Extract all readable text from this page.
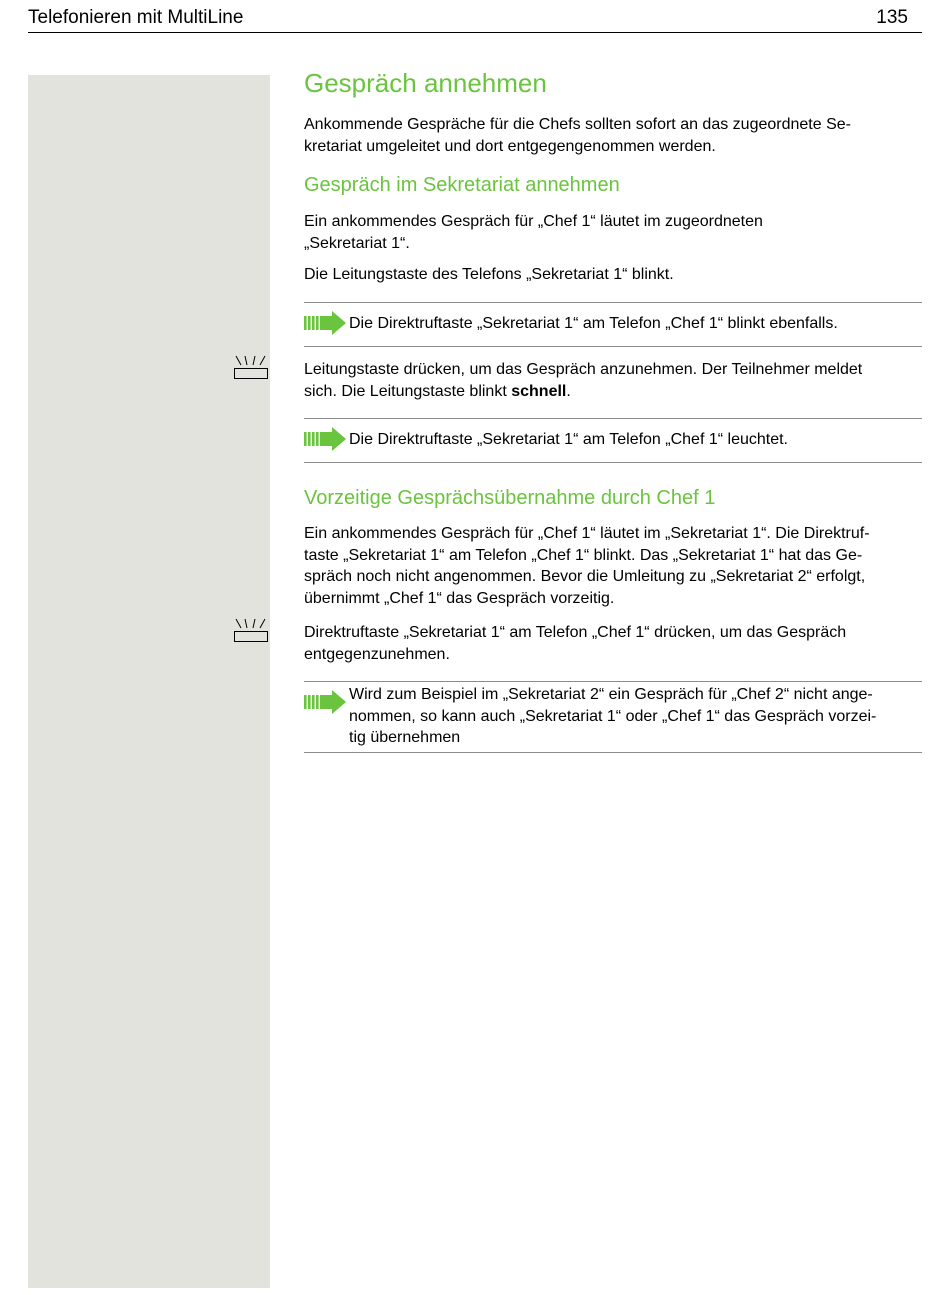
Telefonieren mit MultiLine	135
Gespräch annehmen
Ankommende Gespräche für die Chefs sollten sofort an das zugeordnete Se-
kretariat umgeleitet und dort entgegengenommen werden.
Gespräch im Sekretariat annehmen
Ein ankommendes Gespräch für „Chef 1“ läutet im zugeordneten
„Sekretariat 1“.
Die Leitungstaste des Telefons „Sekretariat 1“ blinkt.
Die Direktruftaste „Sekretariat 1“ am Telefon „Chef 1“ blinkt ebenfalls.
Leitungstaste drücken, um das Gespräch anzunehmen. Der Teilnehmer meldet
sich. Die Leitungstaste blinkt schnell.
Die Direktruftaste „Sekretariat 1“ am Telefon „Chef 1“ leuchtet.
Vorzeitige Gesprächsübernahme durch Chef 1
Ein ankommendes Gespräch für „Chef 1“ läutet im „Sekretariat 1“. Die Direktruf-
taste „Sekretariat 1“ am Telefon „Chef 1“ blinkt. Das „Sekretariat 1“ hat das Ge-
spräch noch nicht angenommen. Bevor die Umleitung zu „Sekretariat 2“ erfolgt,
übernimmt „Chef 1“ das Gespräch vorzeitig.
Direktruftaste „Sekretariat 1“ am Telefon „Chef 1“ drücken, um das Gespräch
entgegenzunehmen.
Wird zum Beispiel im „Sekretariat 2“ ein Gespräch für „Chef 2“ nicht ange-
nommen, so kann auch „Sekretariat 1“ oder „Chef 1“ das Gespräch vorzei-
tig übernehmen
